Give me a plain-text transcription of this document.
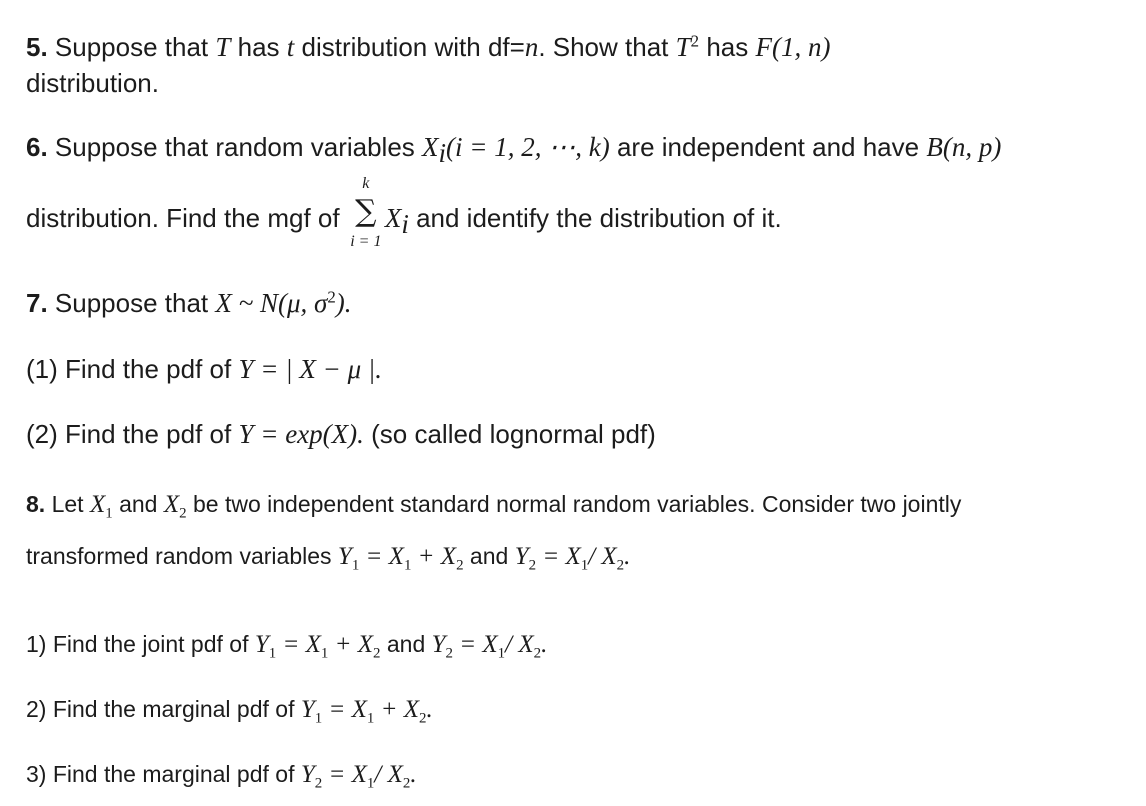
5. Suppose that T has t distribution with df=n. Show that $T^2$ has F(1, n)
distribution.
6. Suppose that random variables $X_i(i = 1$, 2, ⋯, k) are independent and have B(n, p)
distribution. Find the mgf of
k
∑
i = 1
$X_i$ and identify the distribution of it.
7. Suppose that X ~ N(μ, $\sigma^2$).
(1) Find the pdf of Y = | X − μ |.
(2) Find the pdf of Y = exp(X). (so called lognormal pdf)
8. Let $X_1$ and $X_2$ be two independent standard normal random variables. Consider two jointly
transformed random variables $Y_1 = X_1 + X_2$ and $Y_2 = X_1/$ $X_2$.
1) Find the joint pdf of $Y_1 = X_1 + X_2$ and $Y_2 = X_1/$ $X_2$.
2) Find the marginal pdf of $Y_1 = X_1 + X_2$.
3) Find the marginal pdf of $Y_2 = X_1/$ $X_2$.
